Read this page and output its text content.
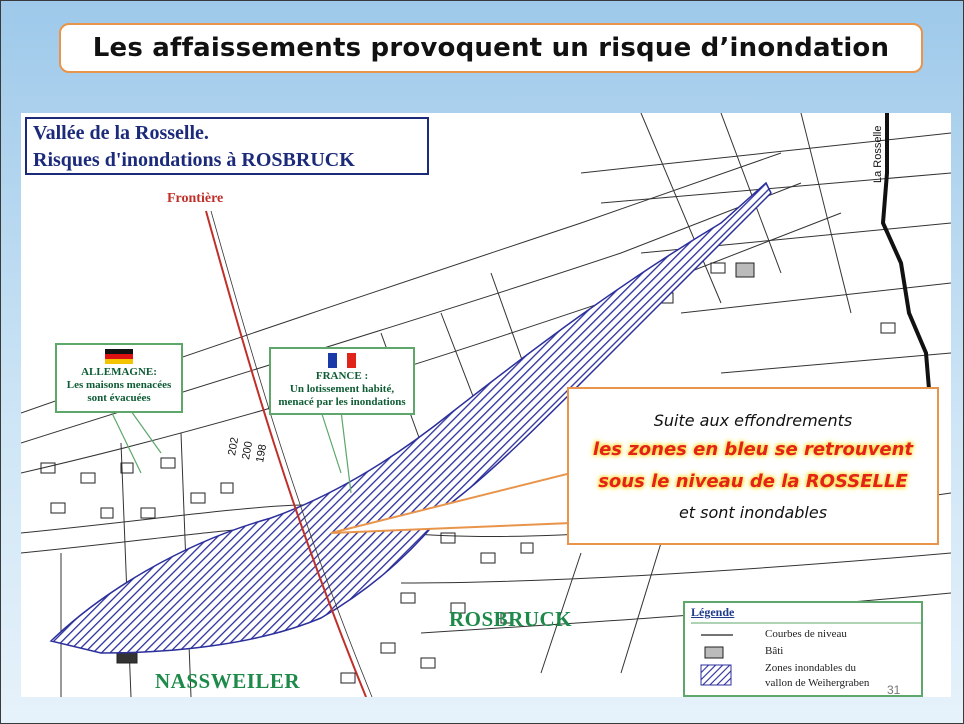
Les affaissements provoquent un risque d’inondation
La Rosselle
202
200
198
Vallée de la Rosselle.
Risques d'inondations à ROSBRUCK
Frontière
ALLEMAGNE:
Les maisons menacées
sont évacuées
FRANCE :
Un lotissement habité,
menacé par les inondations
ROSBRUCK
NASSWEILER
Légende
Courbes de niveau
Bâti
Zones inondables du
vallon de Weihergraben
Suite aux effondrements
les zones en bleu se retrouvent
sous le niveau de la ROSSELLE
et sont inondables
31
